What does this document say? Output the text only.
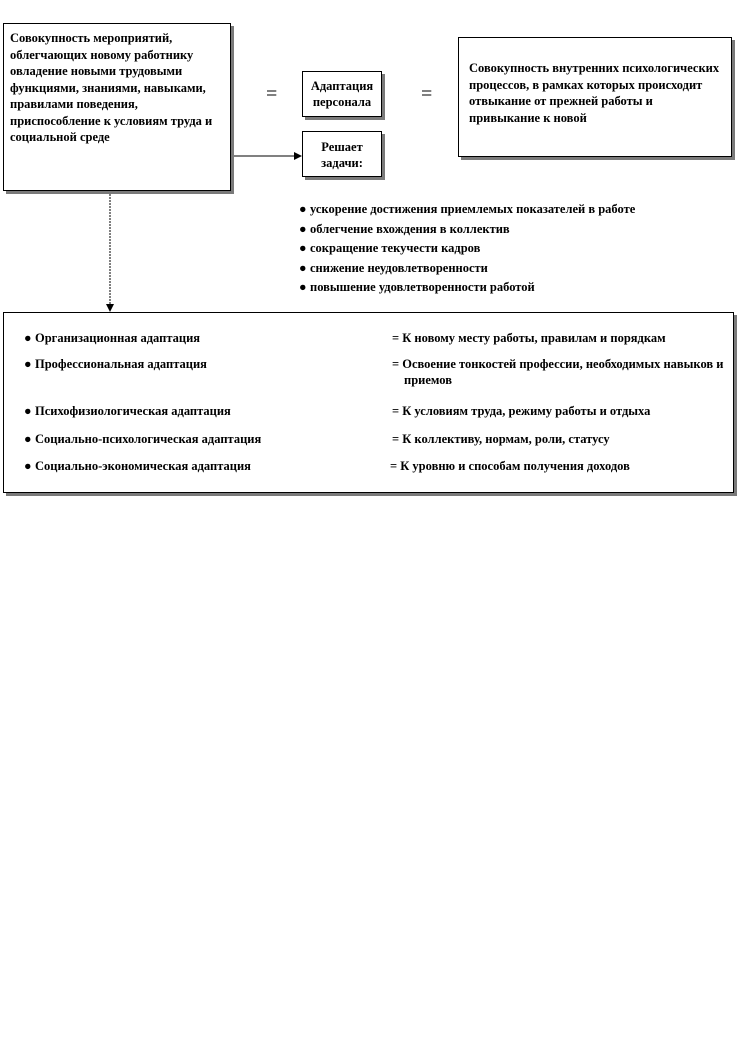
Совокупность мероприятий, облегчающих новому работнику овладение новыми трудовыми функциями, знаниями, навыками, правилами поведения, приспособление к условиям труда и социальной среде
=	Адаптация
персонала	=
Совокупность внутренних психологических процессов, в рамках которых происходит отвыкание от прежней работы и привыкание к новой
Решает
задачи:
● ускорение достижения приемлемых показателей в работе
● облегчение вхождения в коллектив
● сокращение текучести кадров
● снижение неудовлетворенности
● повышение удовлетворенности работой
● Организационная адаптация	= К новому месту работы, правилам и порядкам
● Профессиональная адаптация	= Освоение тонкостей профессии, необходимых навыков и приемов
● Психофизиологическая адаптация	= К условиям труда, режиму работы и отдыха
● Социально-психологическая адаптация	= К коллективу, нормам, роли, статусу
● Социально-экономическая адаптация	= К уровню и способам получения доходов
